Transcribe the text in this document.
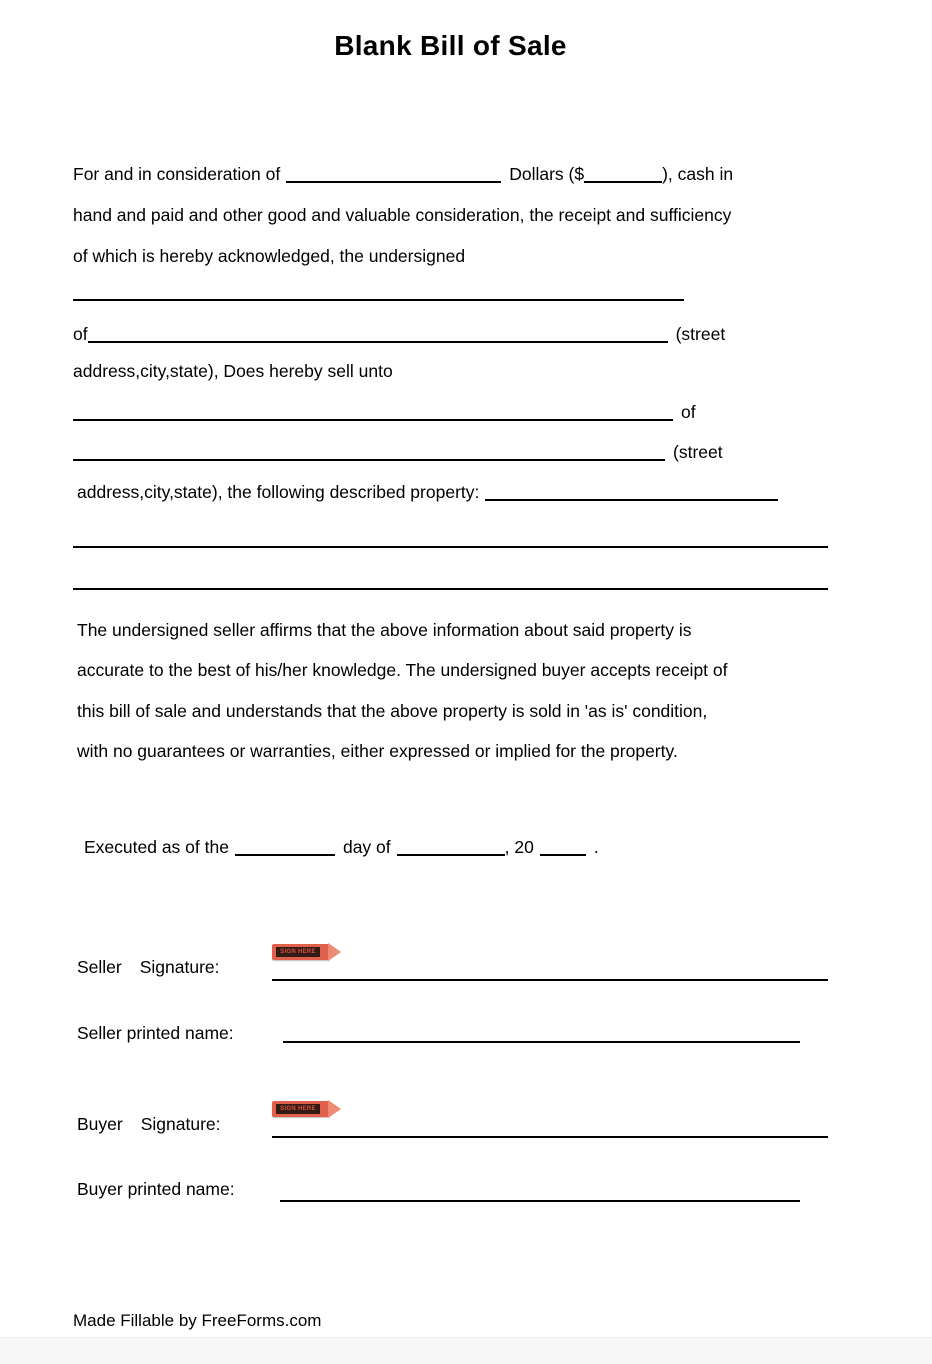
Blank Bill of Sale
For and in consideration of	Dollars ($	), cash in
hand and paid and other good and valuable consideration, the receipt and sufficiency
of which is hereby acknowledged, the undersigned
of	(street
address,city,state), Does hereby sell unto
of
(street
address,city,state), the following described property:
The undersigned seller affirms that the above information about said property is
accurate to the best of his/her knowledge. The undersigned buyer accepts receipt of
this bill of sale and understands that the above property is sold in 'as is' condition,
with no guarantees or warranties, either expressed or implied for the property.
Executed as of the	day of	, 20	.
SIGN HERE
Seller Signature:
Seller printed name:
SIGN HERE
Buyer Signature:
Buyer printed name:
Made Fillable by FreeForms.com
